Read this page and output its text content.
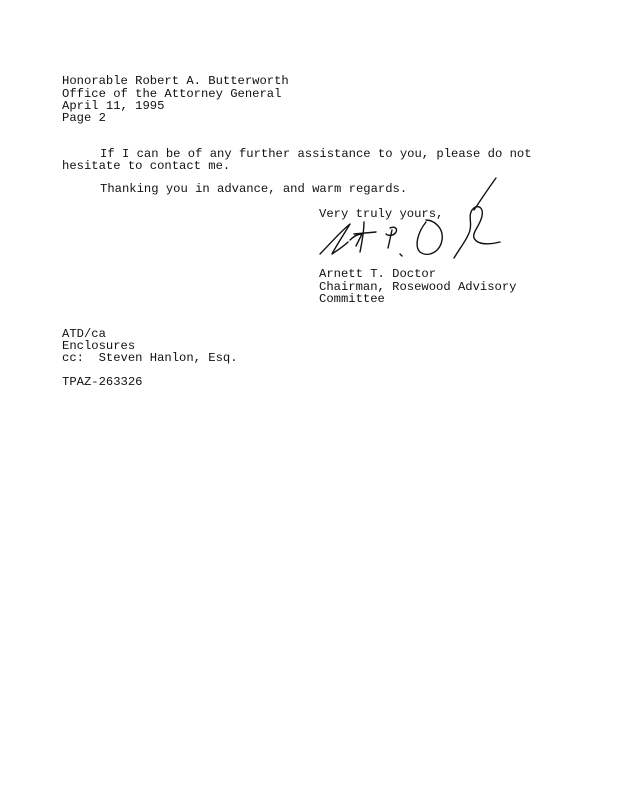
Honorable Robert A. Butterworth
Office of the Attorney General
April 11, 1995
Page 2
If I can be of any further assistance to you, please do not
hesitate to contact me.
Thanking you in advance, and warm regards.
Very truly yours,
Arnett T. Doctor
Chairman, Rosewood Advisory
Committee
ATD/ca
Enclosures
cc:  Steven Hanlon, Esq.
TPAZ-263326
